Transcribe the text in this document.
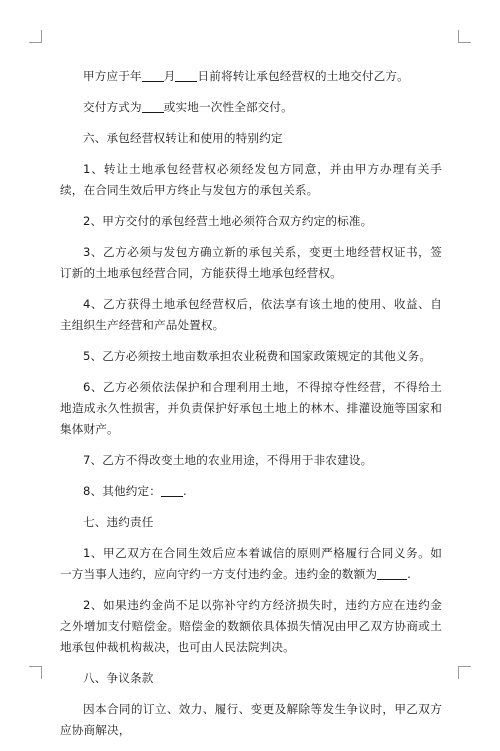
甲方应于年 月 日前将转让承包经营权的土地交付乙方。

交付方式为 或实地一次性全部交付。

六、承包经营权转让和使用的特别约定

1、转让土地承包经营权必须经发包方同意，并由甲方办理有关手续，在合同生效后甲方终止与发包方的承包关系。

2、甲方交付的承包经营土地必须符合双方约定的标准。

3、乙方必须与发包方确立新的承包关系，变更土地经营权证书，签订新的土地承包经营合同，方能获得土地承包经营权。

4、乙方获得土地承包经营权后，依法享有该土地的使用、收益、自主组织生产经营和产品处置权。

5、乙方必须按土地亩数承担农业税费和国家政策规定的其他义务。

6、乙方必须依法保护和合理利用土地，不得掠夺性经营，不得给土地造成永久性损害，并负责保护好承包土地上的林木、排灌设施等国家和集体财产。

7、乙方不得改变土地的农业用途，不得用于非农建设。

8、其他约定： .

七、违约责任

1、甲乙双方在合同生效后应本着诚信的原则严格履行合同义务。如一方当事人违约，应向守约一方支付违约金。违约金的数额为	.

2、如果违约金尚不足以弥补守约方经济损失时，违约方应在违约金之外增加支付赔偿金。赔偿金的数额依具体损失情况由甲乙双方协商或土地承包仲裁机构裁决，也可由人民法院判决。

八、争议条款

因本合同的订立、效力、履行、变更及解除等发生争议时，甲乙双方应协商解决，
